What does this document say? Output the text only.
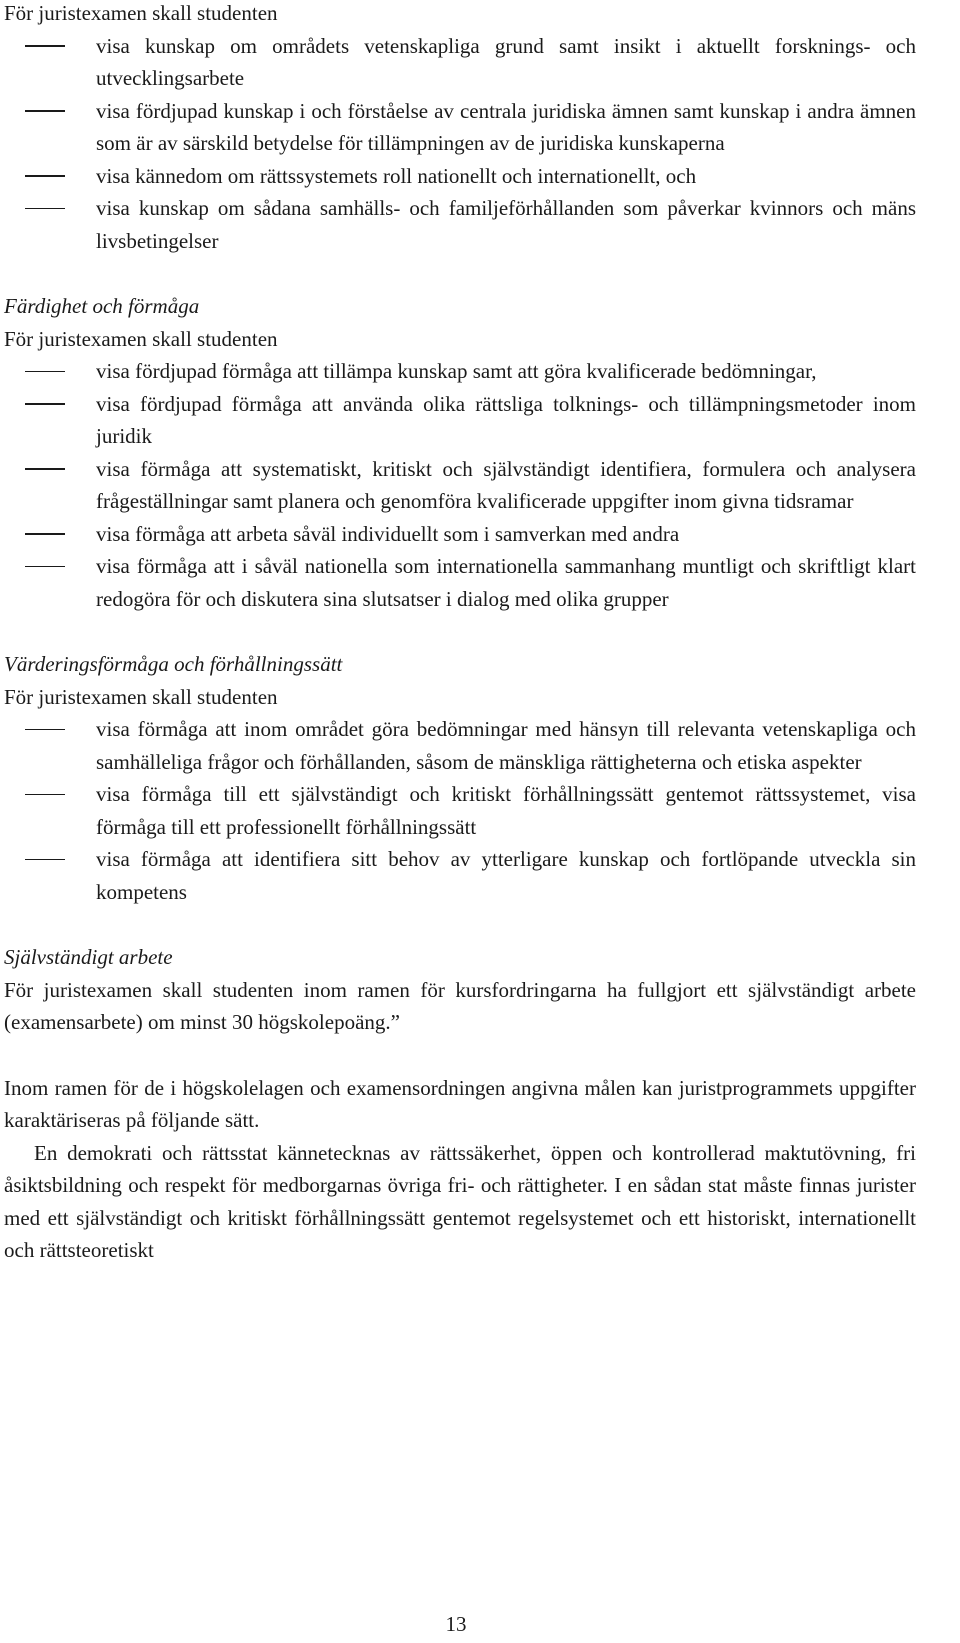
För juristexamen skall studenten

visa kunskap om områdets vetenskapliga grund samt insikt i aktuellt forsknings- och utvecklingsarbete
visa fördjupad kunskap i och förståelse av centrala juridiska ämnen samt kunskap i andra ämnen som är av särskild betydelse för tillämpningen av de juridiska kunskaperna
visa kännedom om rättssystemets roll nationellt och internationellt, och
visa kunskap om sådana samhälls- och familjeförhållanden som påverkar kvinnors och mäns livsbetingelser

Färdighet och förmåga

För juristexamen skall studenten

visa fördjupad förmåga att tillämpa kunskap samt att göra kvalificerade bedömningar,
visa fördjupad förmåga att använda olika rättsliga tolknings- och tillämpningsmetoder inom juridik
visa förmåga att systematiskt, kritiskt och självständigt identifiera, formulera och analysera frågeställningar samt planera och genomföra kvalificerade uppgifter inom givna tidsramar
visa förmåga att arbeta såväl individuellt som i samverkan med andra
visa förmåga att i såväl nationella som internationella sammanhang muntligt och skriftligt klart redogöra för och diskutera sina slutsatser i dialog med olika grupper

Värderingsförmåga och förhållningssätt

För juristexamen skall studenten

visa förmåga att inom området göra bedömningar med hänsyn till relevanta vetenskapliga och samhälleliga frågor och förhållanden, såsom de mänskliga rättigheterna och etiska aspekter
visa förmåga till ett självständigt och kritiskt förhållningssätt gentemot rättssystemet, visa förmåga till ett professionellt förhållningssätt
visa förmåga att identifiera sitt behov av ytterligare kunskap och fortlöpande utveckla sin kompetens

Självständigt arbete

För juristexamen skall studenten inom ramen för kursfordringarna ha fullgjort ett självständigt arbete (examensarbete) om minst 30 högskolepoäng.”

Inom ramen för de i högskolelagen och examensordningen angivna målen kan juristprogrammets uppgifter karaktäriseras på följande sätt.

En demokrati och rättsstat kännetecknas av rättssäkerhet, öppen och kontrollerad maktutövning, fri åsiktsbildning och respekt för medborgarnas övriga fri- och rättigheter. I en sådan stat måste finnas jurister med ett självständigt och kritiskt förhållningssätt gentemot regelsystemet och ett historiskt, internationellt och rättsteoretiskt

13
